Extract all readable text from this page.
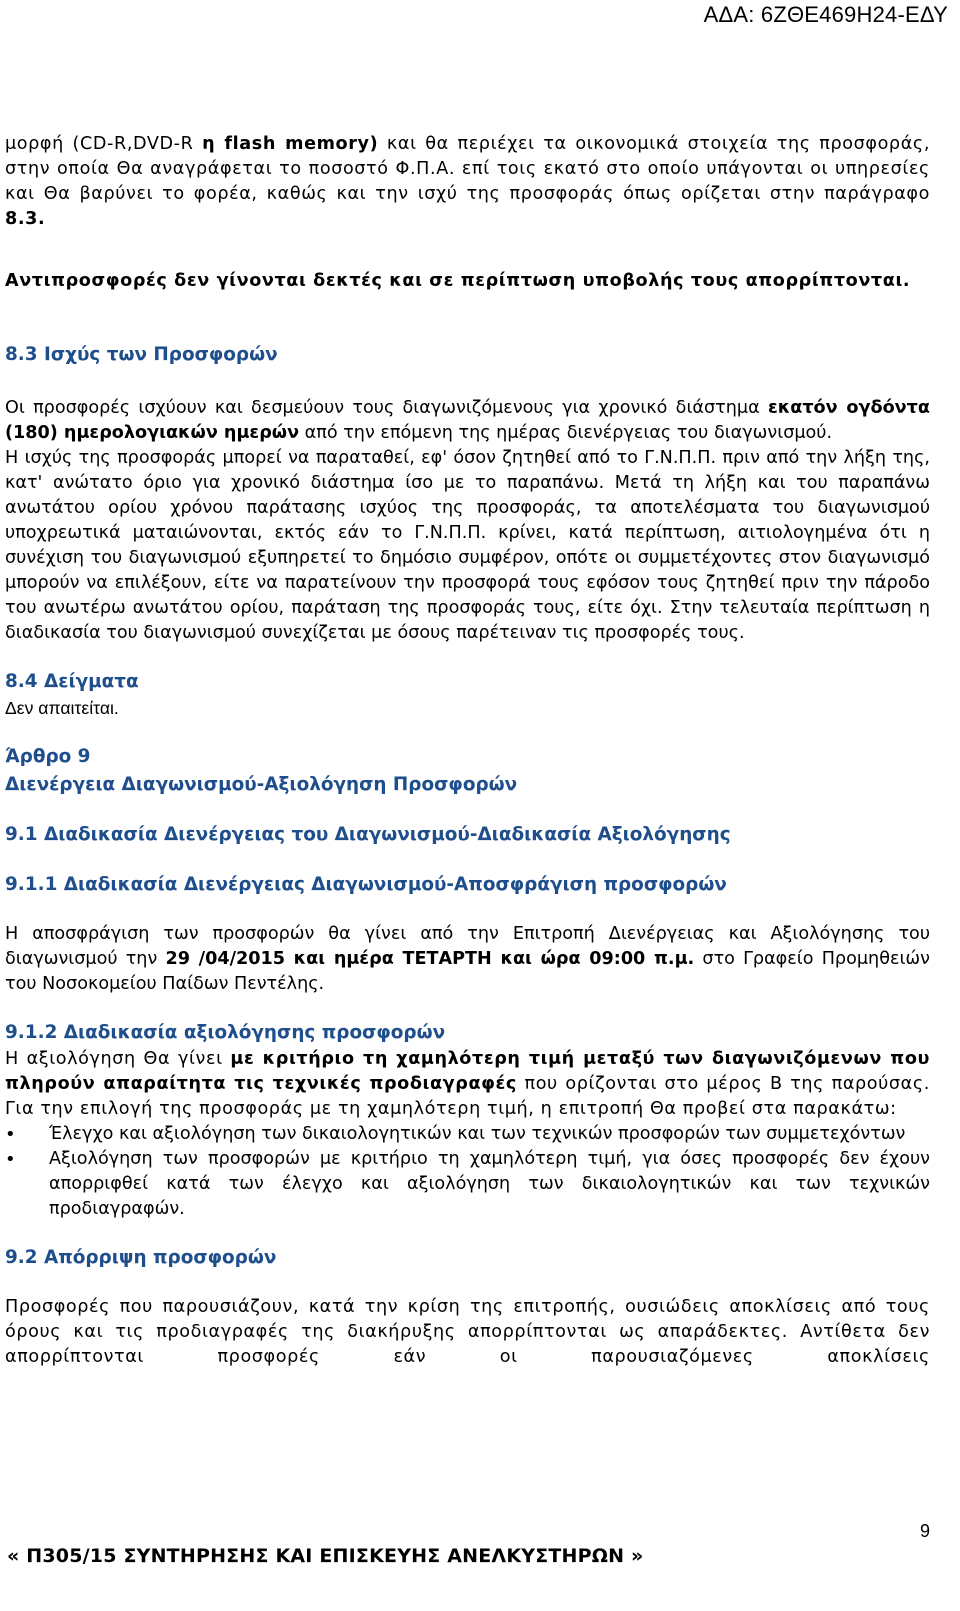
ΑΔΑ: 6ΖΘΕ469Η24-ΕΔΥ

μορφή (CD-R,DVD-R η flash memory) και θα περιέχει τα οικονομικά στοιχεία της προσφοράς, στην οποία Θα αναγράφεται το ποσοστό Φ.Π.Α. επί τοις εκατό στο οποίο υπάγονται οι υπηρεσίες και Θα βαρύνει το φορέα, καθώς και την ισχύ της προσφοράς όπως ορίζεται στην παράγραφο 8.3.

Αντιπροσφορές δεν γίνονται δεκτές και σε περίπτωση υποβολής τους απορρίπτονται.

8.3 Ισχύς των Προσφορών

Οι προσφορές ισχύουν και δεσμεύουν τους διαγωνιζόμενους για χρονικό διάστημα εκατόν ογδόντα (180) ημερολογιακών ημερών από την επόμενη της ημέρας διενέργειας του διαγωνισμού.

Η ισχύς της προσφοράς μπορεί να παραταθεί, εφ' όσον ζητηθεί από το Γ.Ν.Π.Π. πριν από την λήξη της, κατ' ανώτατο όριο για χρονικό διάστημα ίσο με το παραπάνω. Μετά τη λήξη και του παραπάνω ανωτάτου ορίου χρόνου παράτασης ισχύος της προσφοράς, τα αποτελέσματα του διαγωνισμού υποχρεωτικά ματαιώνονται, εκτός εάν το Γ.Ν.Π.Π. κρίνει, κατά περίπτωση, αιτιολογημένα ότι η συνέχιση του διαγωνισμού εξυπηρετεί το δημόσιο συμφέρον, οπότε οι συμμετέχοντες στον διαγωνισμό μπορούν να επιλέξουν, είτε να παρατείνουν την προσφορά τους εφόσον τους ζητηθεί πριν την πάροδο του ανωτέρω ανωτάτου ορίου, παράταση της προσφοράς τους, είτε όχι. Στην τελευταία περίπτωση η διαδικασία του διαγωνισμού συνεχίζεται με όσους παρέτειναν τις προσφορές τους.

8.4 Δείγματα

Δεν απαιτείται.

Άρθρο 9
Διενέργεια Διαγωνισμού-Αξιολόγηση Προσφορών
9.1 Διαδικασία Διενέργειας του Διαγωνισμού-Διαδικασία Αξιολόγησης
9.1.1 Διαδικασία Διενέργειας Διαγωνισμού-Αποσφράγιση προσφορών

Η αποσφράγιση των προσφορών θα γίνει από την Επιτροπή Διενέργειας και Αξιολόγησης του διαγωνισμού την 29 /04/2015 και ημέρα ΤΕΤΑΡΤΗ και ώρα 09:00 π.μ. στο Γραφείο Προμηθειών του Νοσοκομείου Παίδων Πεντέλης.

9.1.2 Διαδικασία αξιολόγησης προσφορών

Η αξιολόγηση Θα γίνει με κριτήριο τη χαμηλότερη τιμή μεταξύ των διαγωνιζόμενων που πληρούν απαραίτητα τις τεχνικές προδιαγραφές που ορίζονται στο μέρος Β της παρούσας. Για την επιλογή της προσφοράς με τη χαμηλότερη τιμή, η επιτροπή Θα προβεί στα παρακάτω:

• Έλεγχο και αξιολόγηση των δικαιολογητικών και των τεχνικών προσφορών των συμμετεχόντων
• Αξιολόγηση των προσφορών με κριτήριο τη χαμηλότερη τιμή, για όσες προσφορές δεν έχουν απορριφθεί κατά των έλεγχο και αξιολόγηση των δικαιολογητικών και των τεχνικών προδιαγραφών.
9.2 Απόρριψη προσφορών

Προσφορές που παρουσιάζουν, κατά την κρίση της επιτροπής, ουσιώδεις αποκλίσεις από τους όρους και τις προδιαγραφές της διακήρυξης απορρίπτονται ως απαράδεκτες. Αντίθετα δεν απορρίπτονται προσφορές εάν οι παρουσιαζόμενες αποκλίσεις

9
« Π305/15 ΣΥΝΤΗΡΗΣΗΣ ΚΑΙ ΕΠΙΣΚΕΥΗΣ ΑΝΕΛΚΥΣΤΗΡΩΝ »
